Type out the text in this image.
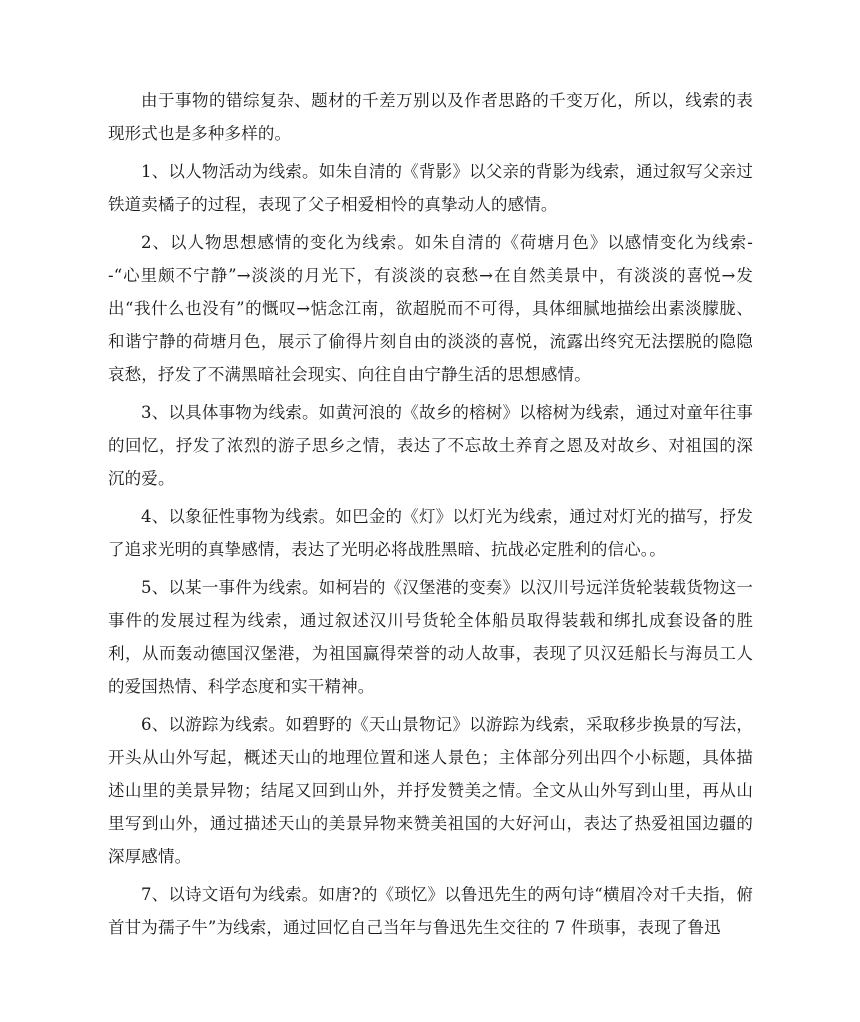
由于事物的错综复杂、题材的千差万别以及作者思路的千变万化，所以，线索的表现形式也是多种多样的。

1、以人物活动为线索。如朱自清的《背影》以父亲的背影为线索，通过叙写父亲过铁道卖橘子的过程，表现了父子相爱相怜的真挚动人的感情。

2、以人物思想感情的变化为线索。如朱自清的《荷塘月色》以感情变化为线索--“心里颇不宁静”→淡淡的月光下，有淡淡的哀愁→在自然美景中，有淡淡的喜悦→发出“我什么也没有”的慨叹→惦念江南，欲超脱而不可得，具体细腻地描绘出素淡朦胧、和谐宁静的荷塘月色，展示了偷得片刻自由的淡淡的喜悦，流露出终究无法摆脱的隐隐哀愁，抒发了不满黑暗社会现实、向往自由宁静生活的思想感情。

3、以具体事物为线索。如黄河浪的《故乡的榕树》以榕树为线索，通过对童年往事的回忆，抒发了浓烈的游子思乡之情，表达了不忘故土养育之恩及对故乡、对祖国的深沉的爱。

4、以象征性事物为线索。如巴金的《灯》以灯光为线索，通过对灯光的描写，抒发了追求光明的真挚感情，表达了光明必将战胜黑暗、抗战必定胜利的信心。。

5、以某一事件为线索。如柯岩的《汉堡港的变奏》以汉川号远洋货轮装载货物这一事件的发展过程为线索，通过叙述汉川号货轮全体船员取得装载和绑扎成套设备的胜利，从而轰动德国汉堡港，为祖国赢得荣誉的动人故事，表现了贝汉廷船长与海员工人的爱国热情、科学态度和实干精神。

6、以游踪为线索。如碧野的《天山景物记》以游踪为线索，采取移步换景的写法，开头从山外写起，概述天山的地理位置和迷人景色；主体部分列出四个小标题，具体描述山里的美景异物；结尾又回到山外，并抒发赞美之情。全文从山外写到山里，再从山里写到山外，通过描述天山的美景异物来赞美祖国的大好河山，表达了热爱祖国边疆的深厚感情。

7、以诗文语句为线索。如唐?的《琐忆》以鲁迅先生的两句诗“横眉冷对千夫指，俯首甘为孺子牛”为线索，通过回忆自己当年与鲁迅先生交往的 7 件琐事，表现了鲁迅
